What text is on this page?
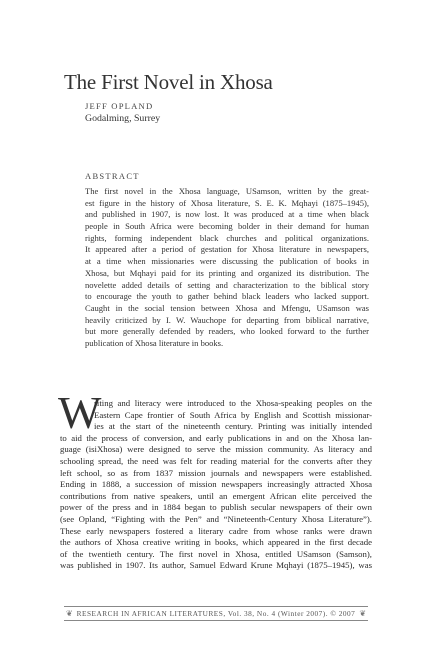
The First Novel in Xhosa
JEFF OPLAND
Godalming, Surrey
ABSTRACT
The first novel in the Xhosa language, USamson, written by the great-
est figure in the history of Xhosa literature, S. E. K. Mqhayi (1875–1945),
and published in 1907, is now lost. It was produced at a time when black
people in South Africa were becoming bolder in their demand for human
rights, forming independent black churches and political organizations.
It appeared after a period of gestation for Xhosa literature in newspapers,
at a time when missionaries were discussing the publication of books in
Xhosa, but Mqhayi paid for its printing and organized its distribution. The
novelette added details of setting and characterization to the biblical story
to encourage the youth to gather behind black leaders who lacked support.
Caught in the social tension between Xhosa and Mfengu, USamson was
heavily criticized by I. W. Wauchope for departing from biblical narrative,
but more generally defended by readers, who looked forward to the further
publication of Xhosa literature in books.
W
riting and literacy were introduced to the Xhosa-speaking peoples on the
Eastern Cape frontier of South Africa by English and Scottish missionar-
ies at the start of the nineteenth century. Printing was initially intended
to aid the process of conversion, and early publications in and on the Xhosa lan-
guage (isiXhosa) were designed to serve the mission community. As literacy and
schooling spread, the need was felt for reading material for the converts after they
left school, so as from 1837 mission journals and newspapers were established.
Ending in 1888, a succession of mission newspapers increasingly attracted Xhosa
contributions from native speakers, until an emergent African elite perceived the
power of the press and in 1884 began to publish secular newspapers of their own
(see Opland, “Fighting with the Pen” and “Nineteenth-Century Xhosa Literature”).
These early newspapers fostered a literary cadre from whose ranks were drawn
the authors of Xhosa creative writing in books, which appeared in the first decade
of the twentieth century. The first novel in Xhosa, entitled USamson (Samson),
was published in 1907. Its author, Samuel Edward Krune Mqhayi (1875–1945), was
❦ RESEARCH IN AFRICAN LITERATURES, Vol. 38, No. 4 (Winter 2007). © 2007 ❦
